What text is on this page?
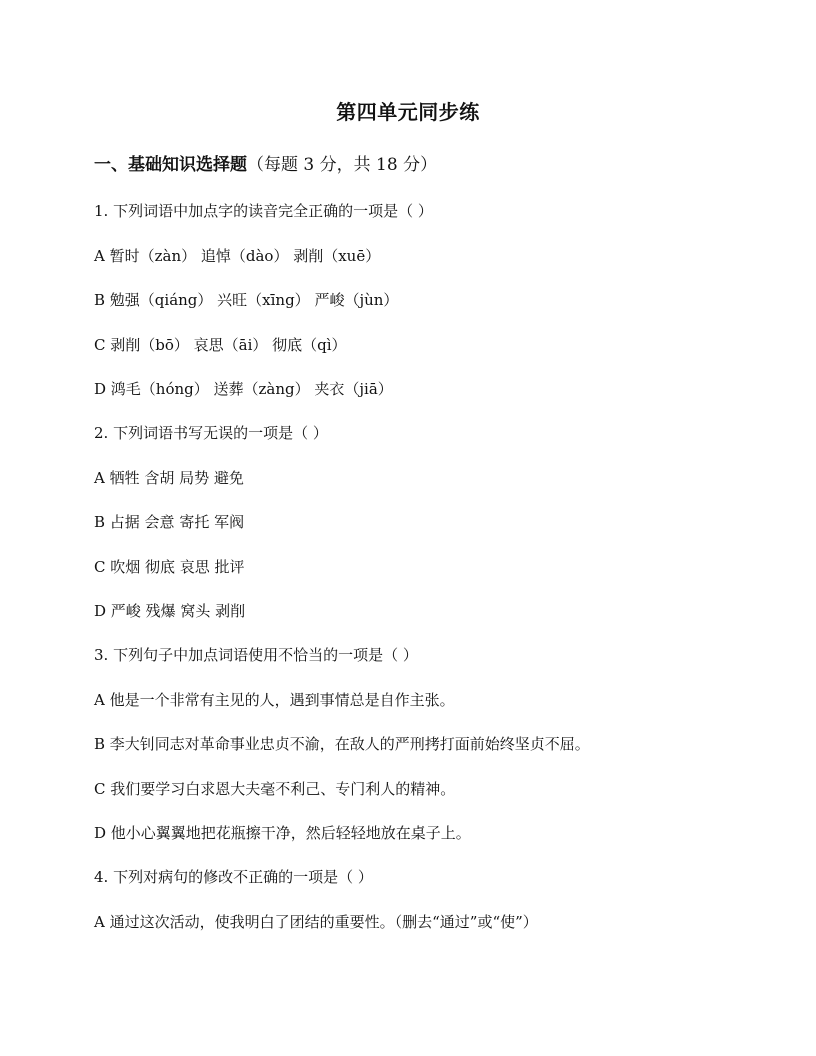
第四单元同步练
一、基础知识选择题（每题 3 分，共 18 分）
1. 下列词语中加点字的读音完全正确的一项是（ ）
A 暂时（zàn） 追悼（dào） 剥削（xuē）
B 勉强（qiáng） 兴旺（xīng） 严峻（jùn）
C 剥削（bō） 哀思（āi） 彻底（qì）
D 鸿毛（hóng） 送葬（zàng） 夹衣（jiā）
2. 下列词语书写无误的一项是（ ）
A 牺牲 含胡 局势 避免
B 占据 会意 寄托 军阀
C 吹烟 彻底 哀思 批评
D 严峻 残爆 窝头 剥削
3. 下列句子中加点词语使用不恰当的一项是（ ）
A 他是一个非常有主见的人，遇到事情总是自作主张。
B 李大钊同志对革命事业忠贞不渝，在敌人的严刑拷打面前始终坚贞不屈。
C 我们要学习白求恩大夫毫不利己、专门利人的精神。
D 他小心翼翼地把花瓶擦干净，然后轻轻地放在桌子上。
4. 下列对病句的修改不正确的一项是（ ）
A 通过这次活动，使我明白了团结的重要性。（删去“通过”或“使”）
